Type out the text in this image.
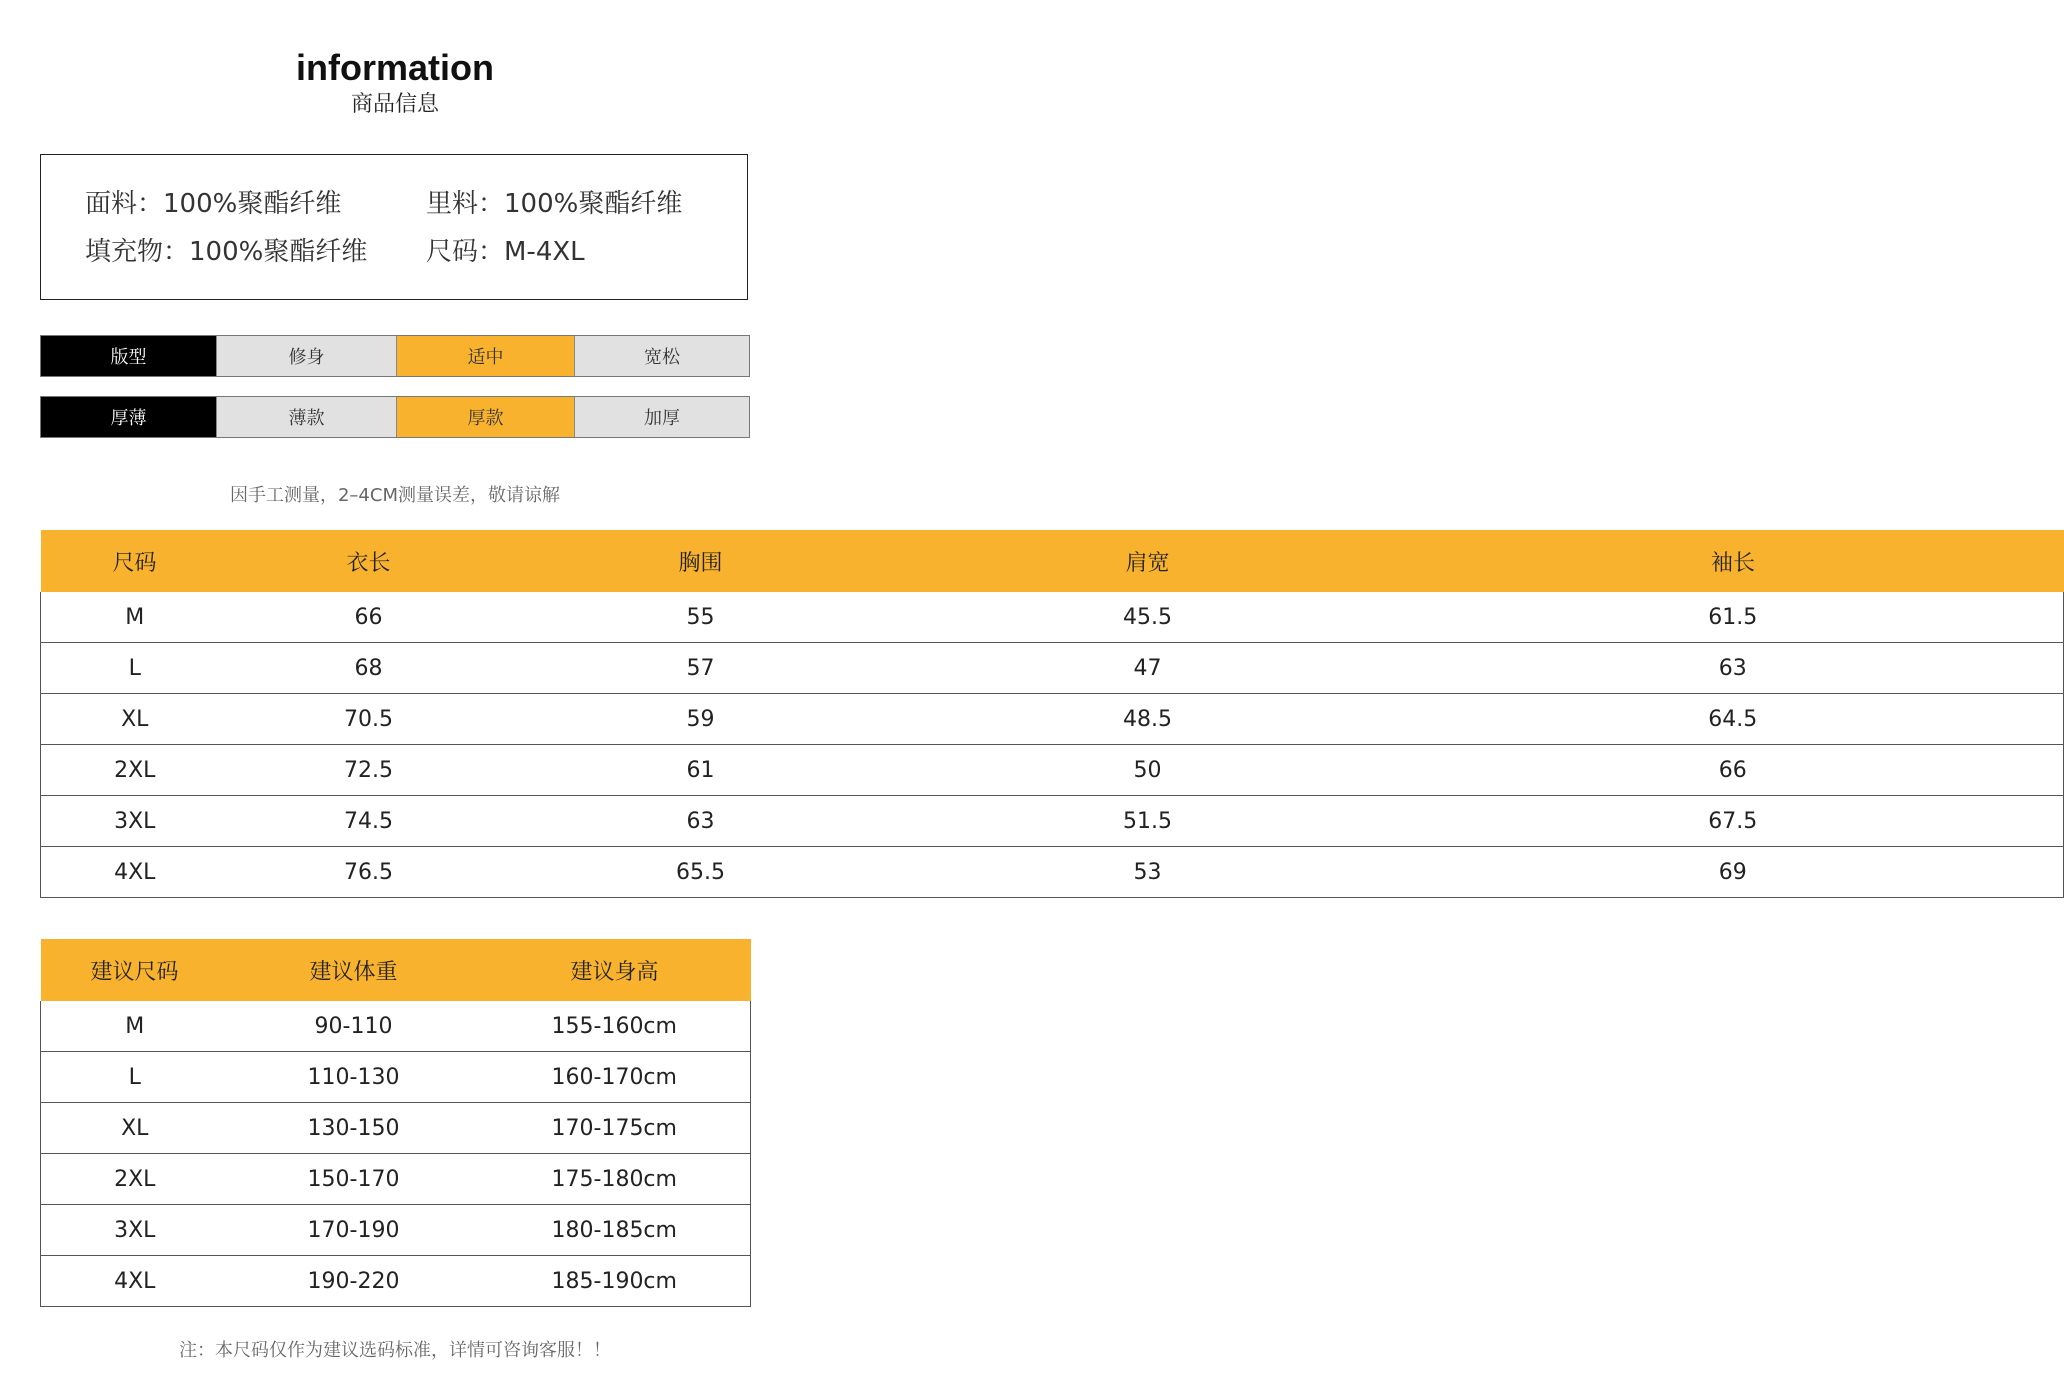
information
商品信息
面料：100%聚酯纤维	里料：100%聚酯纤维
填充物：100%聚酯纤维 尺码：M-4XL
版型	修身	适中	宽松
厚薄	薄款	厚款	加厚
因手工测量，2–4CM测量误差，敬请谅解
尺码	衣长	胸围	肩宽	袖长
M	66	55	45.5	61.5
L	68	57	47	63
XL	70.5	59	48.5	64.5
2XL	72.5	61	50	66
3XL	74.5	63	51.5	67.5
4XL	76.5	65.5	53	69
建议尺码	建议体重	建议身高
M	90-110	155-160cm
L	110-130	160-170cm
XL	130-150	170-175cm
2XL	150-170	175-180cm
3XL	170-190	180-185cm
4XL	190-220	185-190cm
注：本尺码仅作为建议选码标准，详情可咨询客服！！
